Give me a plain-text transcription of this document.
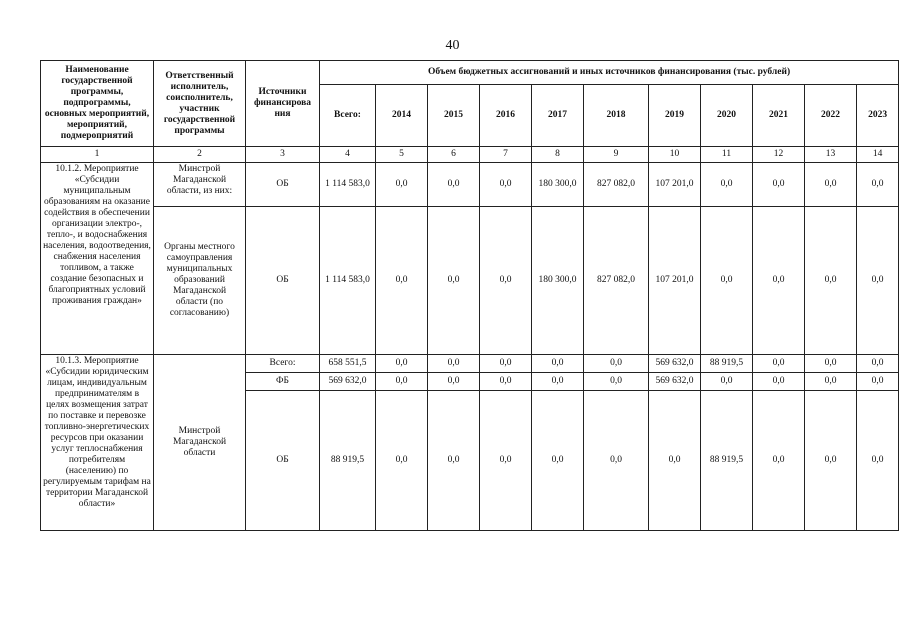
40
Наименование государственной программы, подпрограммы, основных мероприятий, мероприятий, подмероприятий	Ответственный исполнитель, соисполнитель, участник государственной программы	Источники финансирова ния	Объем бюджетных ассигнований и иных источников финансирования (тыс. рублей)										
			Всего:	2014	2015	2016	2017	2018	2019	2020	2021	2022	2023
1	2	3	4	5	6	7	8	9	10	11	12	13	14
10.1.2. Мероприятие «Субсидии муниципальным образованиям на оказание содействия в обеспечении организации электро-, тепло-, и водоснабжения населения, водоотведения, снабжения населения топливом, а также создание безопасных и благоприятных условий проживания граждан»	Минстрой Магаданской области, из них:	ОБ	1 114 583,0	0,0	0,0	0,0	180 300,0	827 082,0	107 201,0	0,0	0,0	0,0	0,0
	Органы местного самоуправления муниципальных образований Магаданской области (по согласованию)	ОБ	1 114 583,0	0,0	0,0	0,0	180 300,0	827 082,0	107 201,0	0,0	0,0	0,0	0,0
10.1.3. Мероприятие «Субсидии юридическим лицам, индивидуальным предпринимателям в целях возмещения затрат по поставке и перевозке топливно-энергетических ресурсов при оказании услуг теплоснабжения потребителям (населению) по регулируемым тарифам на территории Магаданской области»	Минстрой Магаданской области	Всего:	658 551,5	0,0	0,0	0,0	0,0	0,0	569 632,0	88 919,5	0,0	0,0	0,0
		ФБ	569 632,0	0,0	0,0	0,0	0,0	0,0	569 632,0	0,0	0,0	0,0	0,0
		ОБ	88 919,5	0,0	0,0	0,0	0,0	0,0	0,0	88 919,5	0,0	0,0	0,0
